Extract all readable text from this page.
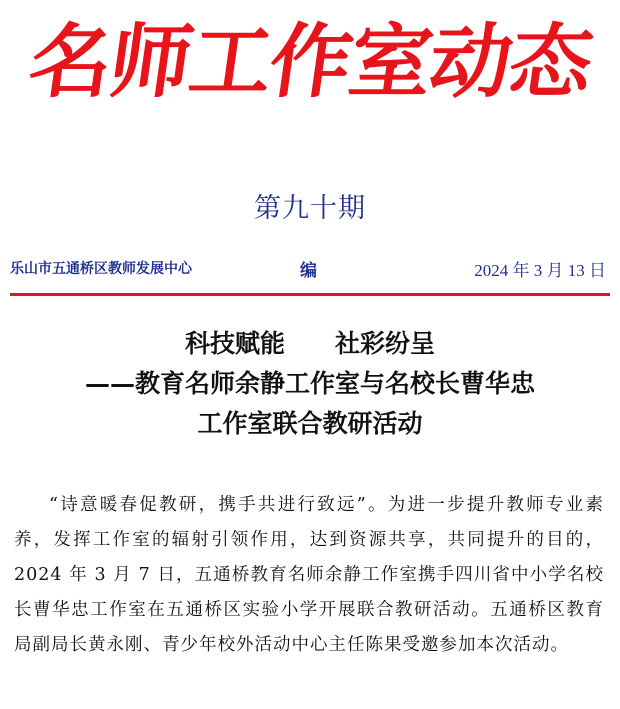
名师工作室动态
第九十期
乐山市五通桥区教师发展中心	编	2024 年 3 月 13 日
科技赋能 社彩纷呈
——教育名师余静工作室与名校长曹华忠
工作室联合教研活动
“诗意暖春促教研，携手共进行致远”。为进一步提升教师专业素养，发挥工作室的辐射引领作用，达到资源共享，共同提升的目的，2024 年 3 月 7 日，五通桥教育名师余静工作室携手四川省中小学名校长曹华忠工作室在五通桥区实验小学开展联合教研活动。五通桥区教育局副局长黄永刚、青少年校外活动中心主任陈果受邀参加本次活动。
